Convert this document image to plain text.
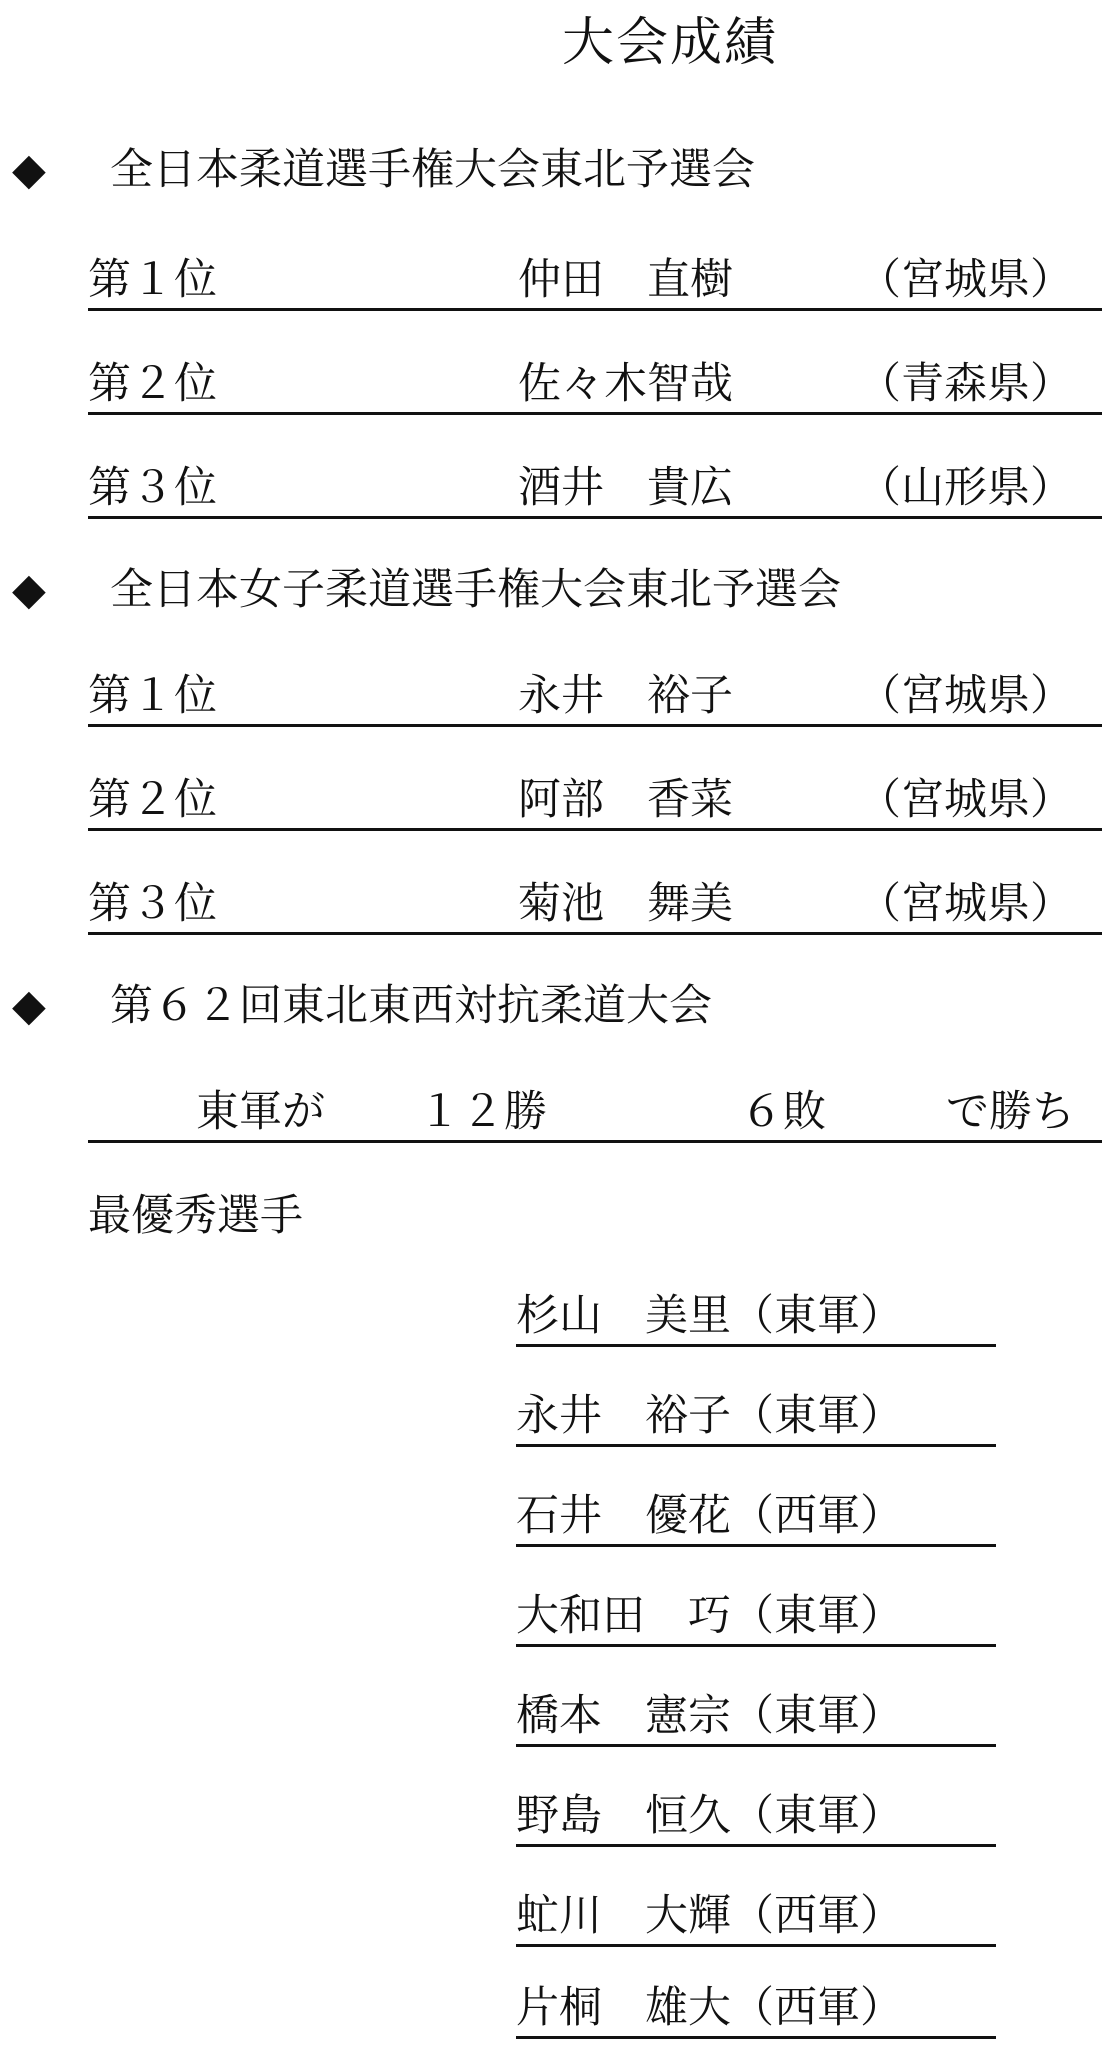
大会成績
◆ 全日本柔道選手権大会東北予選会
第１位	仲田　直樹	（宮城県）
第２位	佐々木智哉	（青森県）
第３位	酒井　貴広	（山形県）
◆ 全日本女子柔道選手権大会東北予選会
第１位	永井　裕子	（宮城県）
第２位	阿部　香菜	（宮城県）
第３位	菊池　舞美	（宮城県）
◆ 第６２回東北東西対抗柔道大会
東軍が １２勝	６敗	で勝ち
最優秀選手
杉山　美里（東軍）
永井　裕子（東軍）
石井　優花（西軍）
大和田　巧（東軍）
橋本　憲宗（東軍）
野島　恒久（東軍）
虻川　大輝（西軍）
片桐　雄大（西軍）
